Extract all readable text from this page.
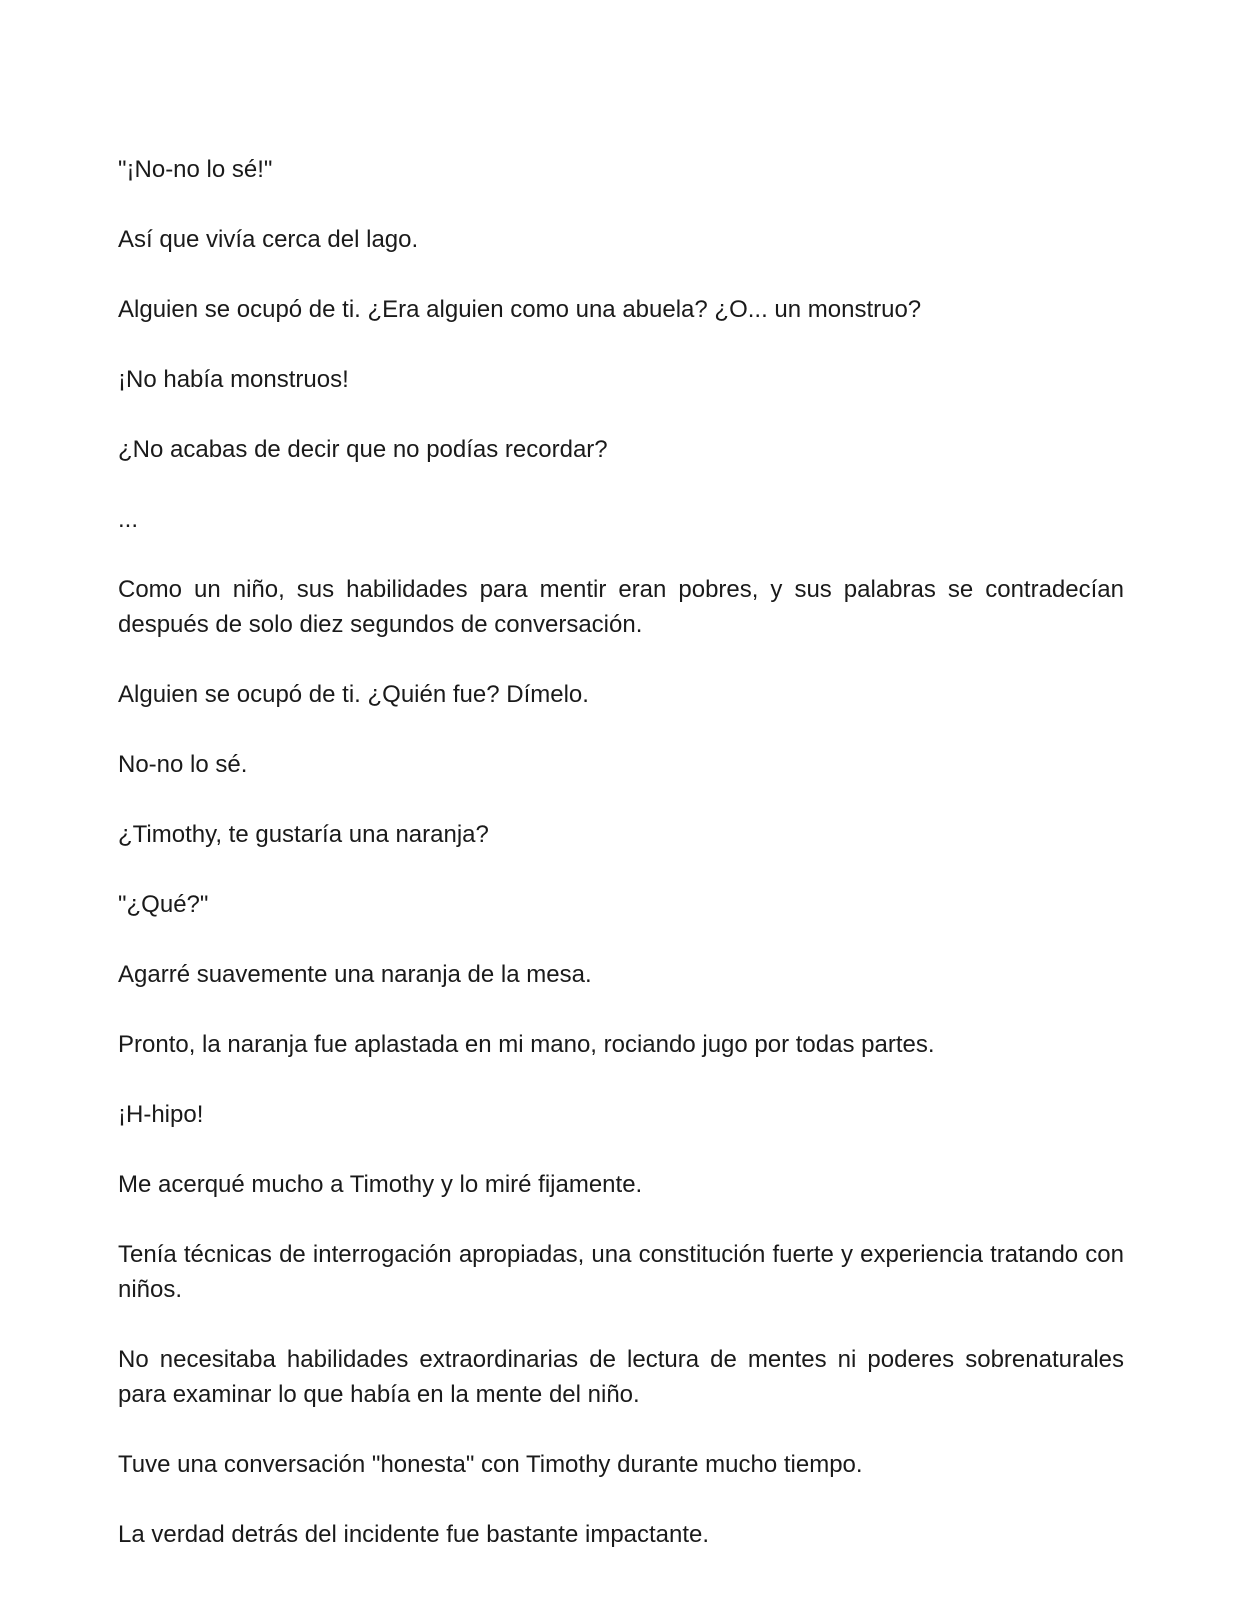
"¡No-no lo sé!"

Así que vivía cerca del lago.

Alguien se ocupó de ti. ¿Era alguien como una abuela? ¿O... un monstruo?

¡No había monstruos!

¿No acabas de decir que no podías recordar?

...

Como un niño, sus habilidades para mentir eran pobres, y sus palabras se contradecían después de solo diez segundos de conversación.

Alguien se ocupó de ti. ¿Quién fue? Dímelo.

No-no lo sé.

¿Timothy, te gustaría una naranja?

"¿Qué?"

Agarré suavemente una naranja de la mesa.

Pronto, la naranja fue aplastada en mi mano, rociando jugo por todas partes.

¡H-hipo!

Me acerqué mucho a Timothy y lo miré fijamente.

Tenía técnicas de interrogación apropiadas, una constitución fuerte y experiencia tratando con niños.

No necesitaba habilidades extraordinarias de lectura de mentes ni poderes sobrenaturales para examinar lo que había en la mente del niño.

Tuve una conversación "honesta" con Timothy durante mucho tiempo.

La verdad detrás del incidente fue bastante impactante.
